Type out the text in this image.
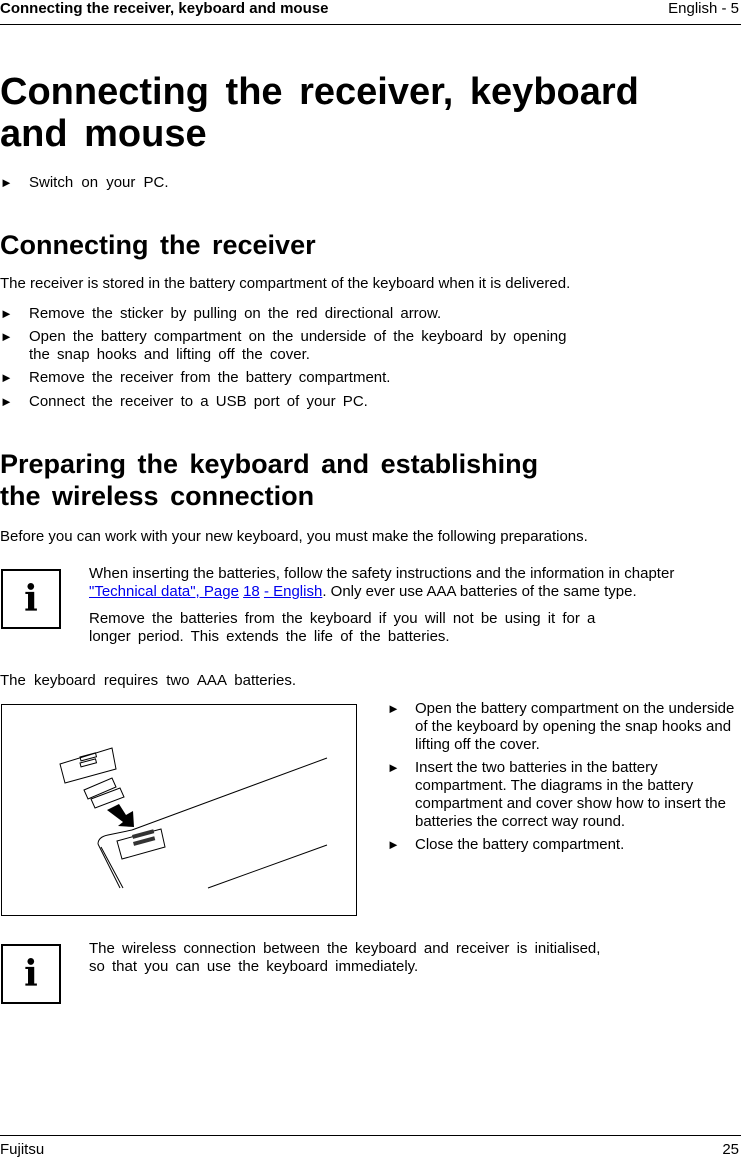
Connecting the receiver, keyboard and mouse	English - 5
Connecting the receiver, keyboard
and mouse
► Switch on your PC.
Connecting the receiver
The receiver is stored in the battery compartment of the keyboard when it is delivered.
► Remove the sticker by pulling on the red directional arrow.
► Open the battery compartment on the underside of the keyboard by opening
the snap hooks and lifting off the cover.
► Remove the receiver from the battery compartment.
► Connect the receiver to a USB port of your PC.
Preparing the keyboard and establishing
the wireless connection
Before you can work with your new keyboard, you must make the following preparations.
i
When inserting the batteries, follow the safety instructions and the information in chapter
"Technical data", Page 18 - English. Only ever use AAA batteries of the same type.
Remove the batteries from the keyboard if you will not be using it for a
longer period. This extends the life of the batteries.
The keyboard requires two AAA batteries.
► Open the battery compartment on the underside of the keyboard by opening the snap hooks and lifting off the cover.
► Insert the two batteries in the battery compartment. The diagrams in the battery compartment and cover show how to insert the batteries the correct way round.
► Close the battery compartment.
i
The wireless connection between the keyboard and receiver is initialised,
so that you can use the keyboard immediately.
Fujitsu	25
